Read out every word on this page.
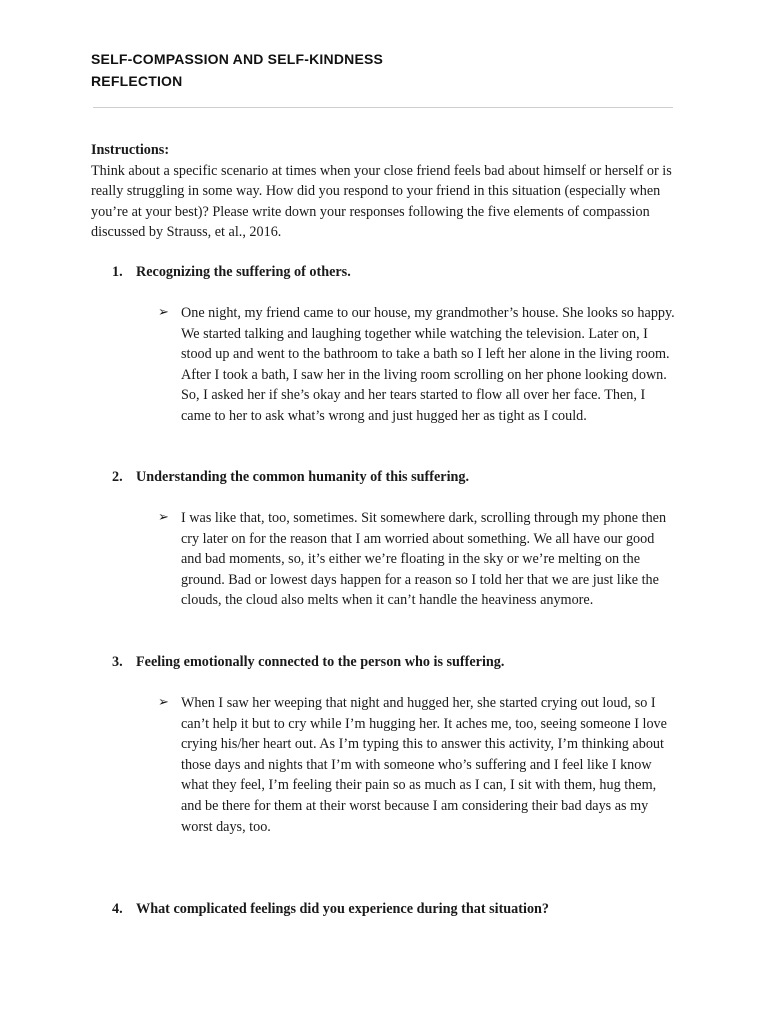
SELF-COMPASSION AND SELF-KINDNESS
REFLECTION
Instructions:
Think about a specific scenario at times when your close friend feels bad about himself or herself or is really struggling in some way. How did you respond to your friend in this situation (especially when you’re at your best)? Please write down your responses following the five elements of compassion discussed by Strauss, et al., 2016.
1. Recognizing the suffering of others.
➢ One night, my friend came to our house, my grandmother’s house. She looks so happy. We started talking and laughing together while watching the television. Later on, I stood up and went to the bathroom to take a bath so I left her alone in the living room. After I took a bath, I saw her in the living room scrolling on her phone looking down. So, I asked her if she’s okay and her tears started to flow all over her face. Then, I came to her to ask what’s wrong and just hugged her as tight as I could.
2. Understanding the common humanity of this suffering.
➢ I was like that, too, sometimes. Sit somewhere dark, scrolling through my phone then cry later on for the reason that I am worried about something. We all have our good and bad moments, so, it’s either we’re floating in the sky or we’re melting on the ground. Bad or lowest days happen for a reason so I told her that we are just like the clouds, the cloud also melts when it can’t handle the heaviness anymore.
3. Feeling emotionally connected to the person who is suffering.
➢ When I saw her weeping that night and hugged her, she started crying out loud, so I can’t help it but to cry while I’m hugging her. It aches me, too, seeing someone I love crying his/her heart out. As I’m typing this to answer this activity, I’m thinking about those days and nights that I’m with someone who’s suffering and I feel like I know what they feel, I’m feeling their pain so as much as I can, I sit with them, hug them, and be there for them at their worst because I am considering their bad days as my worst days, too.
4. What complicated feelings did you experience during that situation?
